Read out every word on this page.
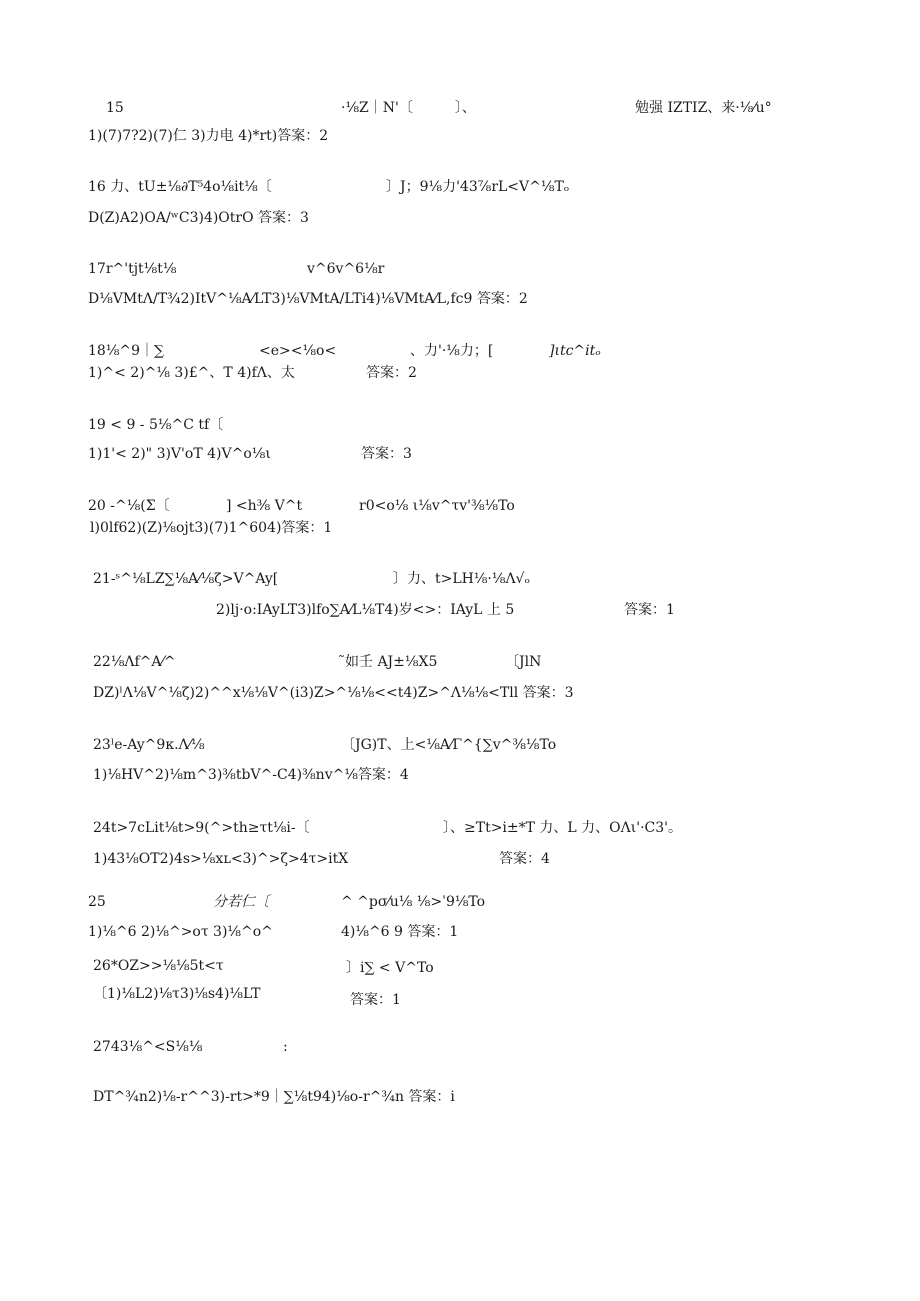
15	·⅛Z｜N'〔　　　〕、	勉强 IZTIZ、来·⅛⁄u°
1)(7)7?2)(7)仁 3)力电 4)*rt)答案：2
16 力、tU±⅛∂T⁵4o⅛it⅛〔	〕J；9⅛力'43⅞rL<V^⅛Tₒ
D(Z)A2)OA/ʷC3)4)OtrO 答案：3
17r^'tjt⅛t⅛	v^6v^6⅛r
D⅛VMtΛ/T¾2)ItV^⅛A⁄LT3)⅛VMtA/LTi4)⅛VMtA⁄L,fc9 答案：2
18⅛^9｜∑	<e><⅛o<	、力'·⅛力；[	]ιtc^itₒ
1)^< 2)^⅛ 3)£^、T 4)fΛ、太	答案：2
19 < 9 - 5⅛^C tf〔
1)1'< 2)" 3)V'oT 4)V^o⅛ι	答案：3
20 -^⅛(Σ〔	] <h⅜ V^t	r0<o⅛ ι⅛v^τv'⅜⅛To
l)0lf62)(Z)⅛ojt3)(7)1^604)答案：1
21-ˢ^⅛LZ∑⅛A⁄⅛ζ>V^Ay[	〕力、t>LH⅛·⅛Λ√ₒ
2)lj·o:IAyLT3)lfo∑A⁄L⅛T4)岁<>：IAyL 上 5	答案：1
22⅛Λf^A⁄^	˜如壬 AJ±⅛X5	〔JlN
DZ)ˡΛ⅛V^⅛ζ)2)^^x⅛⅛V^(i3)Z>^⅛⅛<<t4)Z>^Λ⅛⅛<Tll 答案：3
23ˡe-Ay^9κ.Λ⁄⅛	〔JG)T、上<⅛A⁄Γ^{∑v^⅜⅛To
1)⅛HV^2)⅛m^3)⅜tbV^-C4)⅜nv^⅛答案：4
24t>7cLit⅛t>9(^>th≥τt⅛i-〔	〕、≥Tt>i±*T 力、L 力、OΛι'·C3'。
1)43⅛OT2)4s>⅛xʟ<3)^>ζ>4τ>itX	答案：4
25	分若仁〔	^ ^pσ⁄u⅛ ⅛>ˈ9⅛To
1)⅛^6 2)⅛^>oτ 3)⅛^o^	4)⅛^6 9 答案：1
26*OZ>>⅛⅛5t<τ	〕i∑ < V^To
〔1)⅛L2)⅛τ3)⅛s4)⅛LT	答案：1
2743⅛^<S⅛⅛	:
DT^¾n2)⅛-r^^3)-rt>*9｜∑⅛t94)⅛o-r^¾n 答案：i
